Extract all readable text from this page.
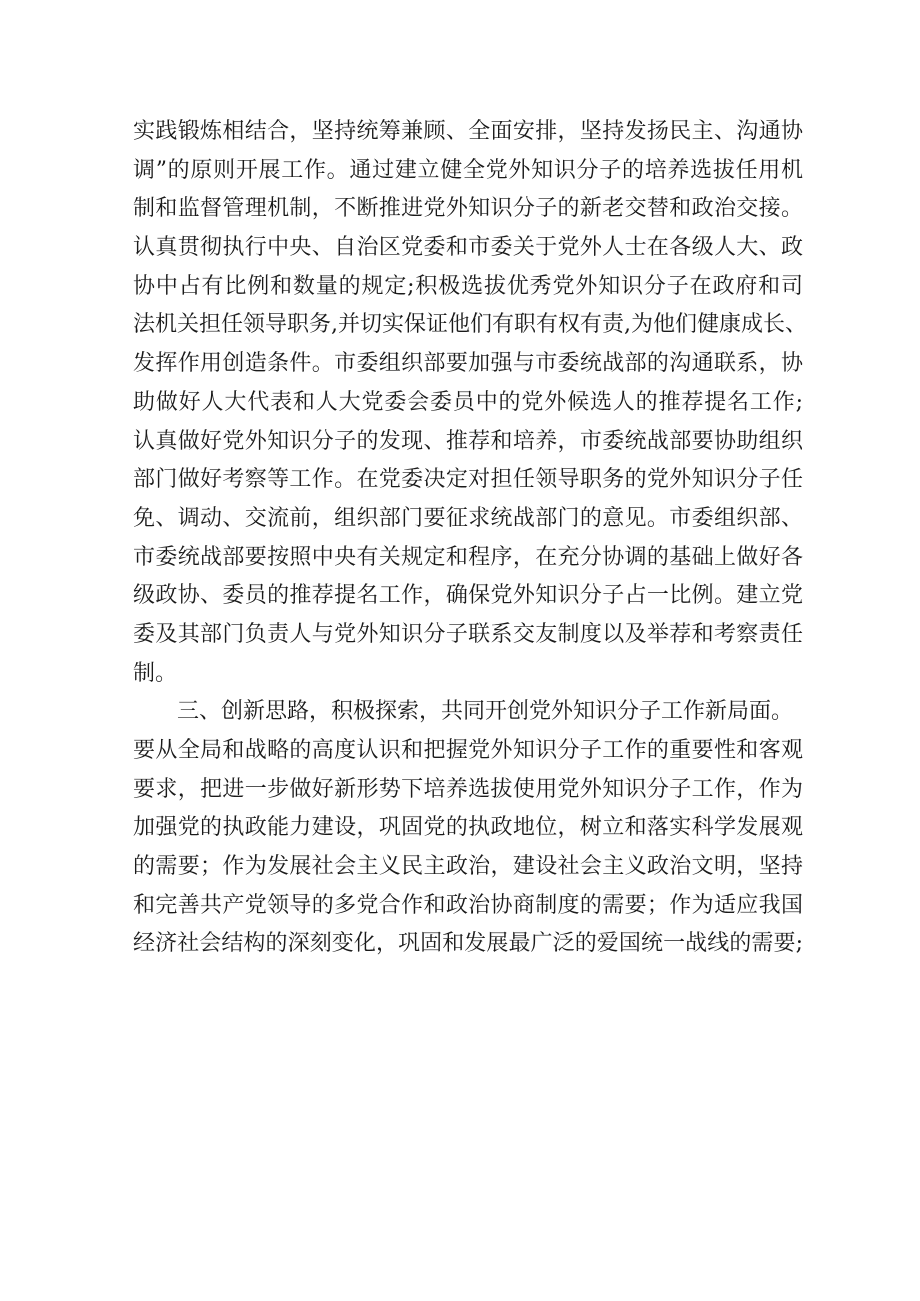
实践锻炼相结合，坚持统筹兼顾、全面安排，坚持发扬民主、沟通协
调”的原则开展工作。通过建立健全党外知识分子的培养选拔任用机
制和监督管理机制，不断推进党外知识分子的新老交替和政治交接。
认真贯彻执行中央、自治区党委和市委关于党外人士在各级人大、政
协中占有比例和数量的规定;积极选拔优秀党外知识分子在政府和司
法机关担任领导职务,并切实保证他们有职有权有责,为他们健康成长、
发挥作用创造条件。市委组织部要加强与市委统战部的沟通联系，协
助做好人大代表和人大党委会委员中的党外候选人的推荐提名工作;
认真做好党外知识分子的发现、推荐和培养，市委统战部要协助组织
部门做好考察等工作。在党委决定对担任领导职务的党外知识分子任
免、调动、交流前，组织部门要征求统战部门的意见。市委组织部、
市委统战部要按照中央有关规定和程序，在充分协调的基础上做好各
级政协、委员的推荐提名工作，确保党外知识分子占一比例。建立党
委及其部门负责人与党外知识分子联系交友制度以及举荐和考察责任
制。
三、创新思路，积极探索，共同开创党外知识分子工作新局面。
要从全局和战略的高度认识和把握党外知识分子工作的重要性和客观
要求，把进一步做好新形势下培养选拔使用党外知识分子工作，作为
加强党的执政能力建设，巩固党的执政地位，树立和落实科学发展观
的需要；作为发展社会主义民主政治，建设社会主义政治文明，坚持
和完善共产党领导的多党合作和政治协商制度的需要；作为适应我国
经济社会结构的深刻变化，巩固和发展最广泛的爱国统一战线的需要;
